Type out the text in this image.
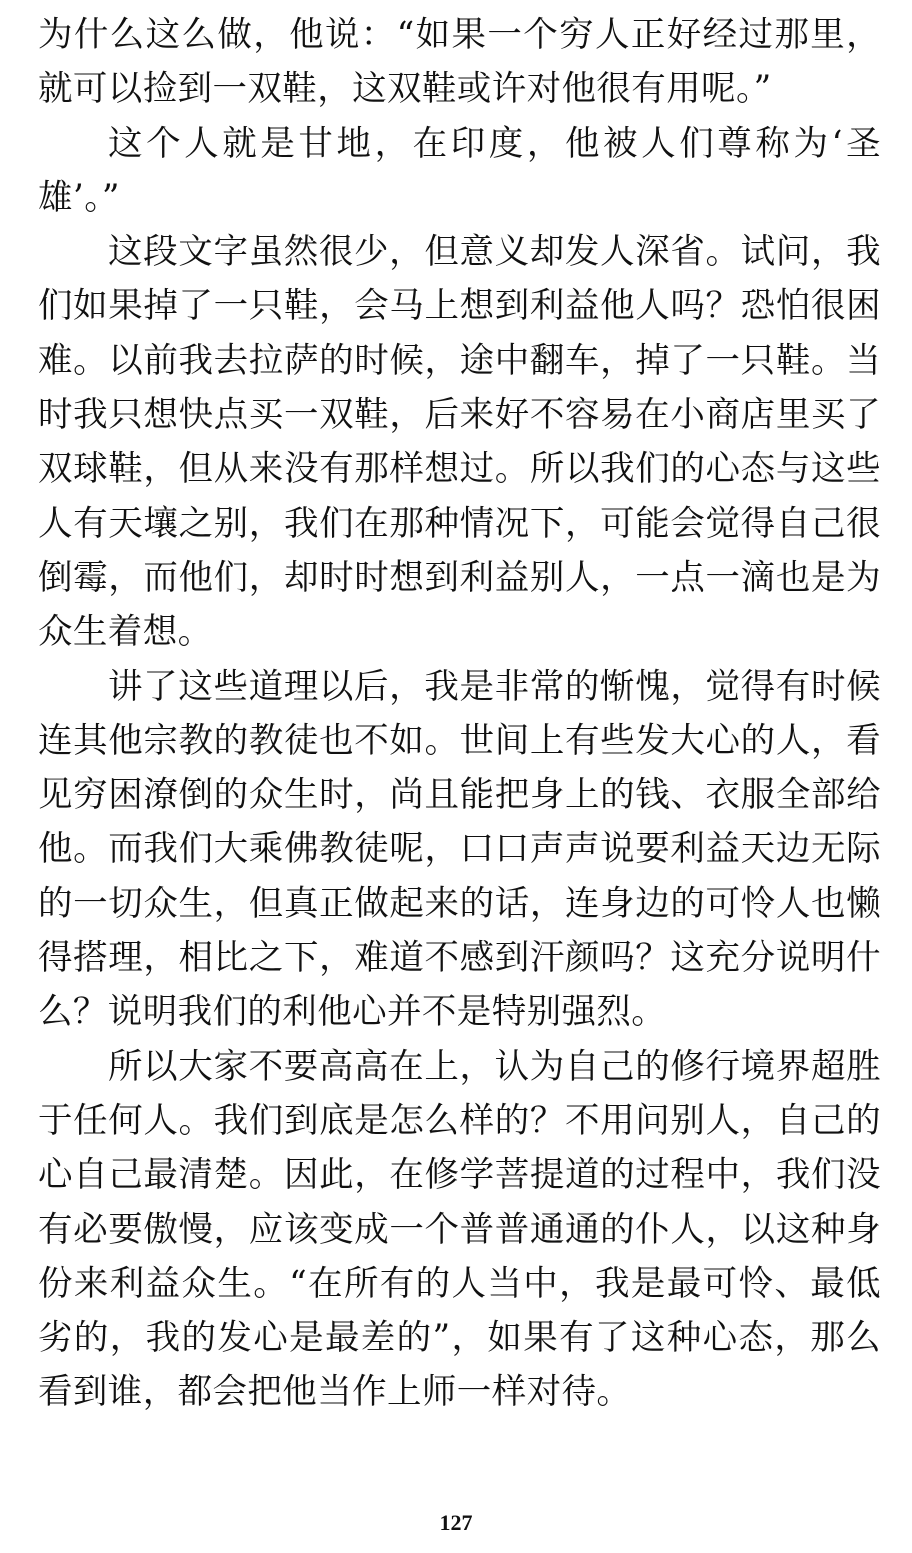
为什么这么做，他说：“如果一个穷人正好经过那里，就可以捡到一双鞋，这双鞋或许对他很有用呢。”

这个人就是甘地，在印度，他被人们尊称为‘圣雄’。”

这段文字虽然很少，但意义却发人深省。试问，我们如果掉了一只鞋，会马上想到利益他人吗？恐怕很困难。以前我去拉萨的时候，途中翻车，掉了一只鞋。当时我只想快点买一双鞋，后来好不容易在小商店里买了双球鞋，但从来没有那样想过。所以我们的心态与这些人有天壤之别，我们在那种情况下，可能会觉得自己很倒霉，而他们，却时时想到利益别人，一点一滴也是为众生着想。

讲了这些道理以后，我是非常的惭愧，觉得有时候连其他宗教的教徒也不如。世间上有些发大心的人，看见穷困潦倒的众生时，尚且能把身上的钱、衣服全部给他。而我们大乘佛教徒呢，口口声声说要利益天边无际的一切众生，但真正做起来的话，连身边的可怜人也懒得搭理，相比之下，难道不感到汗颜吗？这充分说明什么？说明我们的利他心并不是特别强烈。

所以大家不要高高在上，认为自己的修行境界超胜于任何人。我们到底是怎么样的？不用问别人，自己的心自己最清楚。因此，在修学菩提道的过程中，我们没有必要傲慢，应该变成一个普普通通的仆人，以这种身份来利益众生。“在所有的人当中，我是最可怜、最低劣的，我的发心是最差的”，如果有了这种心态，那么看到谁，都会把他当作上师一样对待。

127
